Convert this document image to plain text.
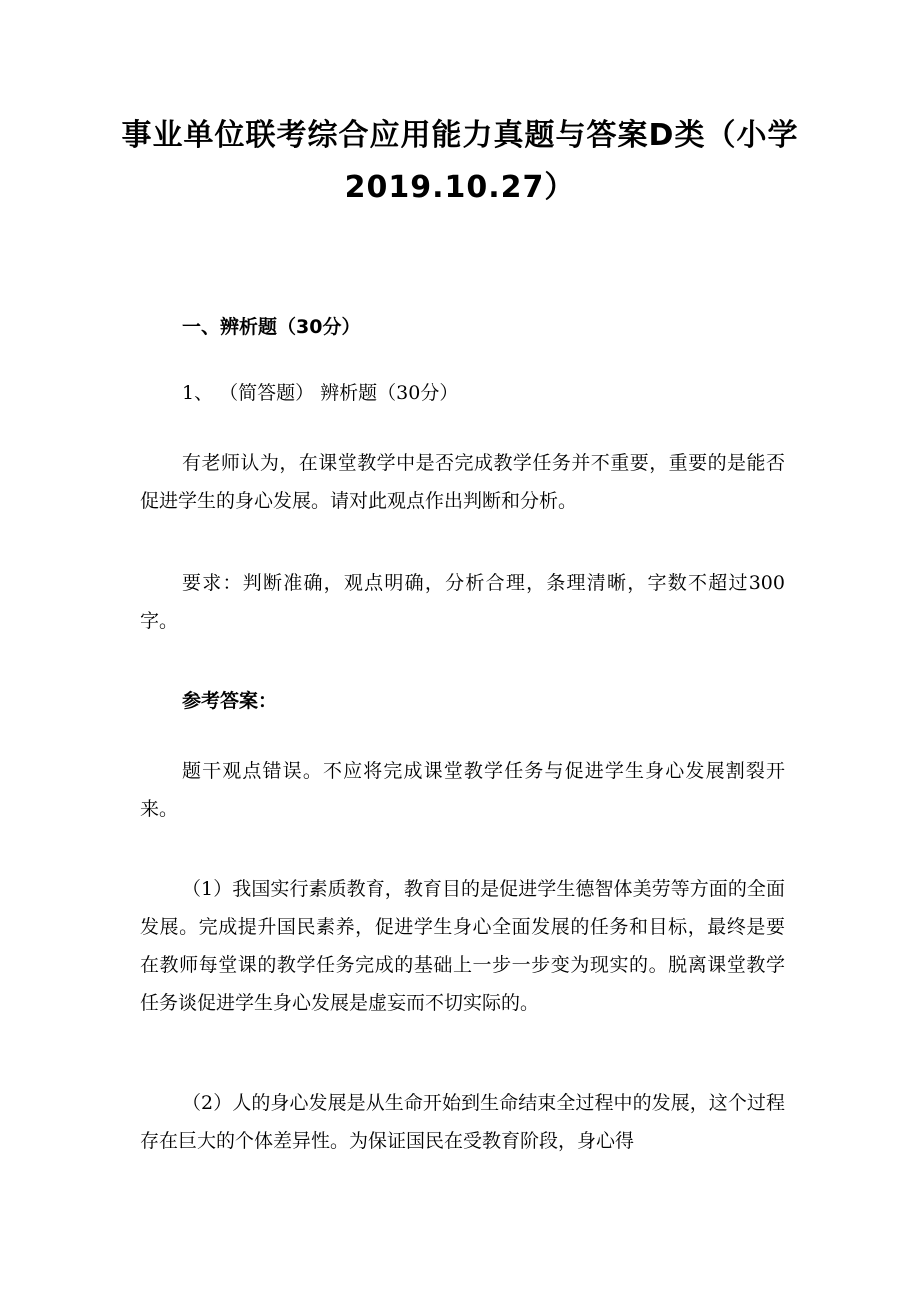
事业单位联考综合应用能力真题与答案D类（小学2019.10.27）
一、辨析题（30分）
1、 （简答题） 辨析题（30分）
有老师认为，在课堂教学中是否完成教学任务并不重要，重要的是能否促进学生的身心发展。请对此观点作出判断和分析。
要求：判断准确，观点明确，分析合理，条理清晰，字数不超过300字。
参考答案：
题干观点错误。不应将完成课堂教学任务与促进学生身心发展割裂开来。
（1）我国实行素质教育，教育目的是促进学生德智体美劳等方面的全面发展。完成提升国民素养，促进学生身心全面发展的任务和目标，最终是要在教师每堂课的教学任务完成的基础上一步一步变为现实的。脱离课堂教学任务谈促进学生身心发展是虚妄而不切实际的。
（2）人的身心发展是从生命开始到生命结束全过程中的发展，这个过程存在巨大的个体差异性。为保证国民在受教育阶段，身心得
